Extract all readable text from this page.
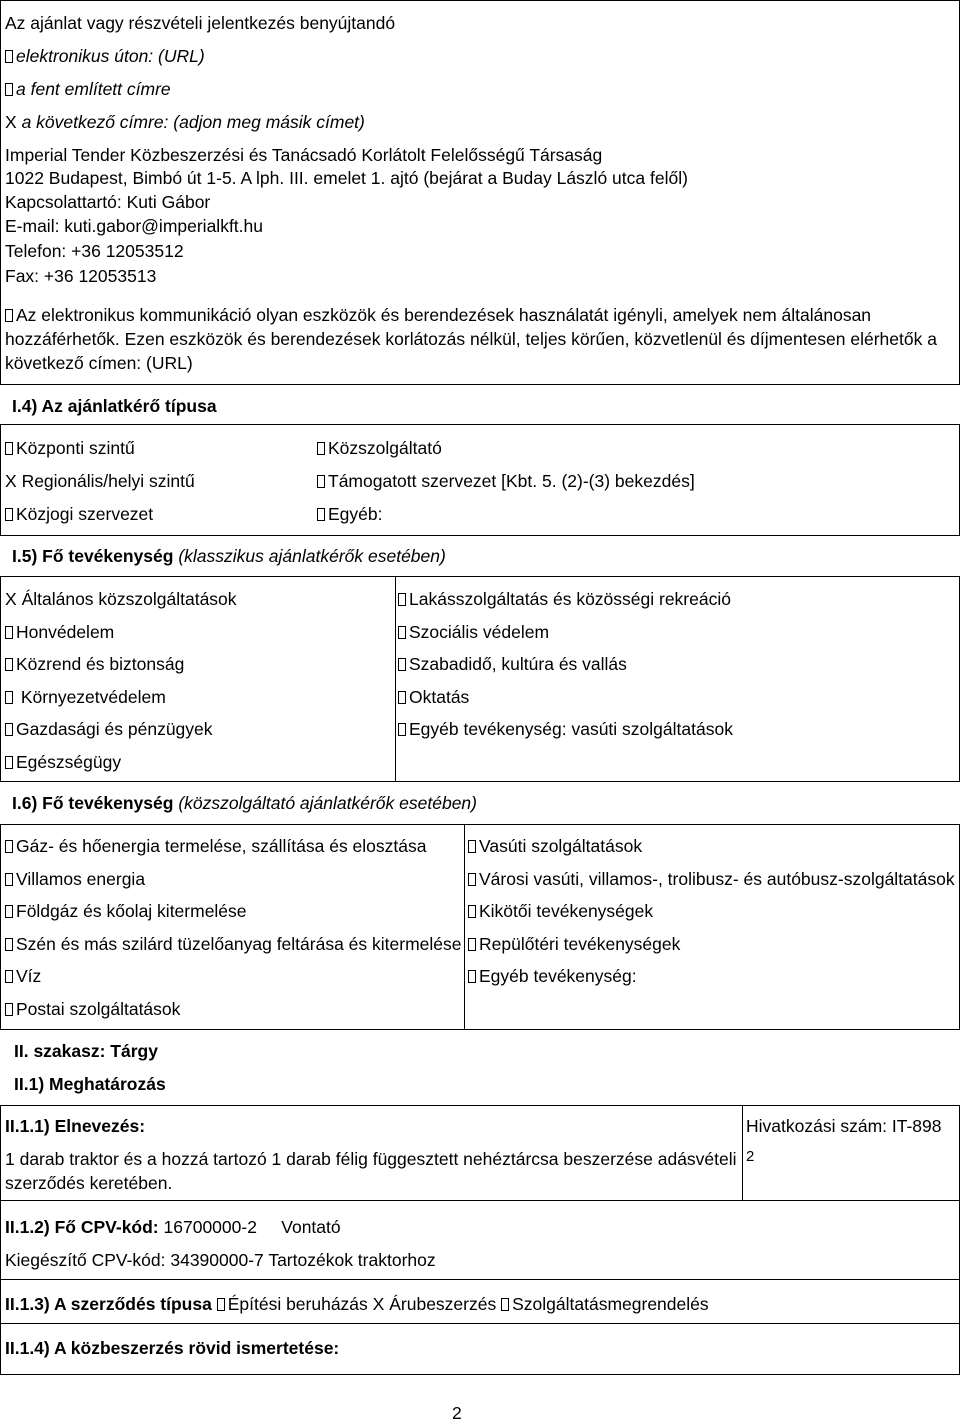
Az ajánlat vagy részvételi jelentkezés benyújtandó
elektronikus úton: (URL)
a fent említett címre
X a következő címre: (adjon meg másik címet)
Imperial Tender Közbeszerzési és Tanácsadó Korlátolt Felelősségű Társaság
1022 Budapest, Bimbó út 1-5. A lph. III. emelet 1. ajtó (bejárat a Buday László utca felől)
Kapcsolattartó: Kuti Gábor
E-mail: kuti.gabor@imperialkft.hu
Telefon: +36 12053512
Fax: +36 12053513
Az elektronikus kommunikáció olyan eszközök és berendezések használatát igényli, amelyek nem általánosan hozzáférhetők. Ezen eszközök és berendezések korlátozás nélkül, teljes körűen, közvetlenül és díjmentesen elérhetők a következő címen: (URL)
I.4) Az ajánlatkérő típusa
Központi szintű
X Regionális/helyi szintű
Közjogi szervezet
Közszolgáltató
Támogatott szervezet [Kbt. 5. (2)-(3) bekezdés]
Egyéb:
I.5) Fő tevékenység (klasszikus ajánlatkérők esetében)
X Általános közszolgáltatások
Honvédelem
Közrend és biztonság
Környezetvédelem
Gazdasági és pénzügyek
Egészségügy
Lakásszolgáltatás és közösségi rekreáció
Szociális védelem
Szabadidő, kultúra és vallás
Oktatás
Egyéb tevékenység: vasúti szolgáltatások
I.6) Fő tevékenység (közszolgáltató ajánlatkérők esetében)
Gáz- és hőenergia termelése, szállítása és elosztása
Villamos energia
Földgáz és kőolaj kitermelése
Szén és más szilárd tüzelőanyag feltárása és kitermelése
Víz
Postai szolgáltatások
Vasúti szolgáltatások
Városi vasúti, villamos-, trolibusz- és autóbusz-szolgáltatások
Kikötői tevékenységek
Repülőtéri tevékenységek
Egyéb tevékenység:
II. szakasz: Tárgy
II.1) Meghatározás
II.1.1) Elnevezés:
1 darab traktor és a hozzá tartozó 1 darab félig függesztett nehéztárcsa beszerzése adásvételi szerződés keretében.
Hivatkozási szám: IT-898
2
II.1.2) Fő CPV-kód: 16700000-2 Vontató
Kiegészítő CPV-kód: 34390000-7 Tartozékok traktorhoz
II.1.3) A szerződés típusa Építési beruházás X Árubeszerzés Szolgáltatásmegrendelés
II.1.4) A közbeszerzés rövid ismertetése:
2
